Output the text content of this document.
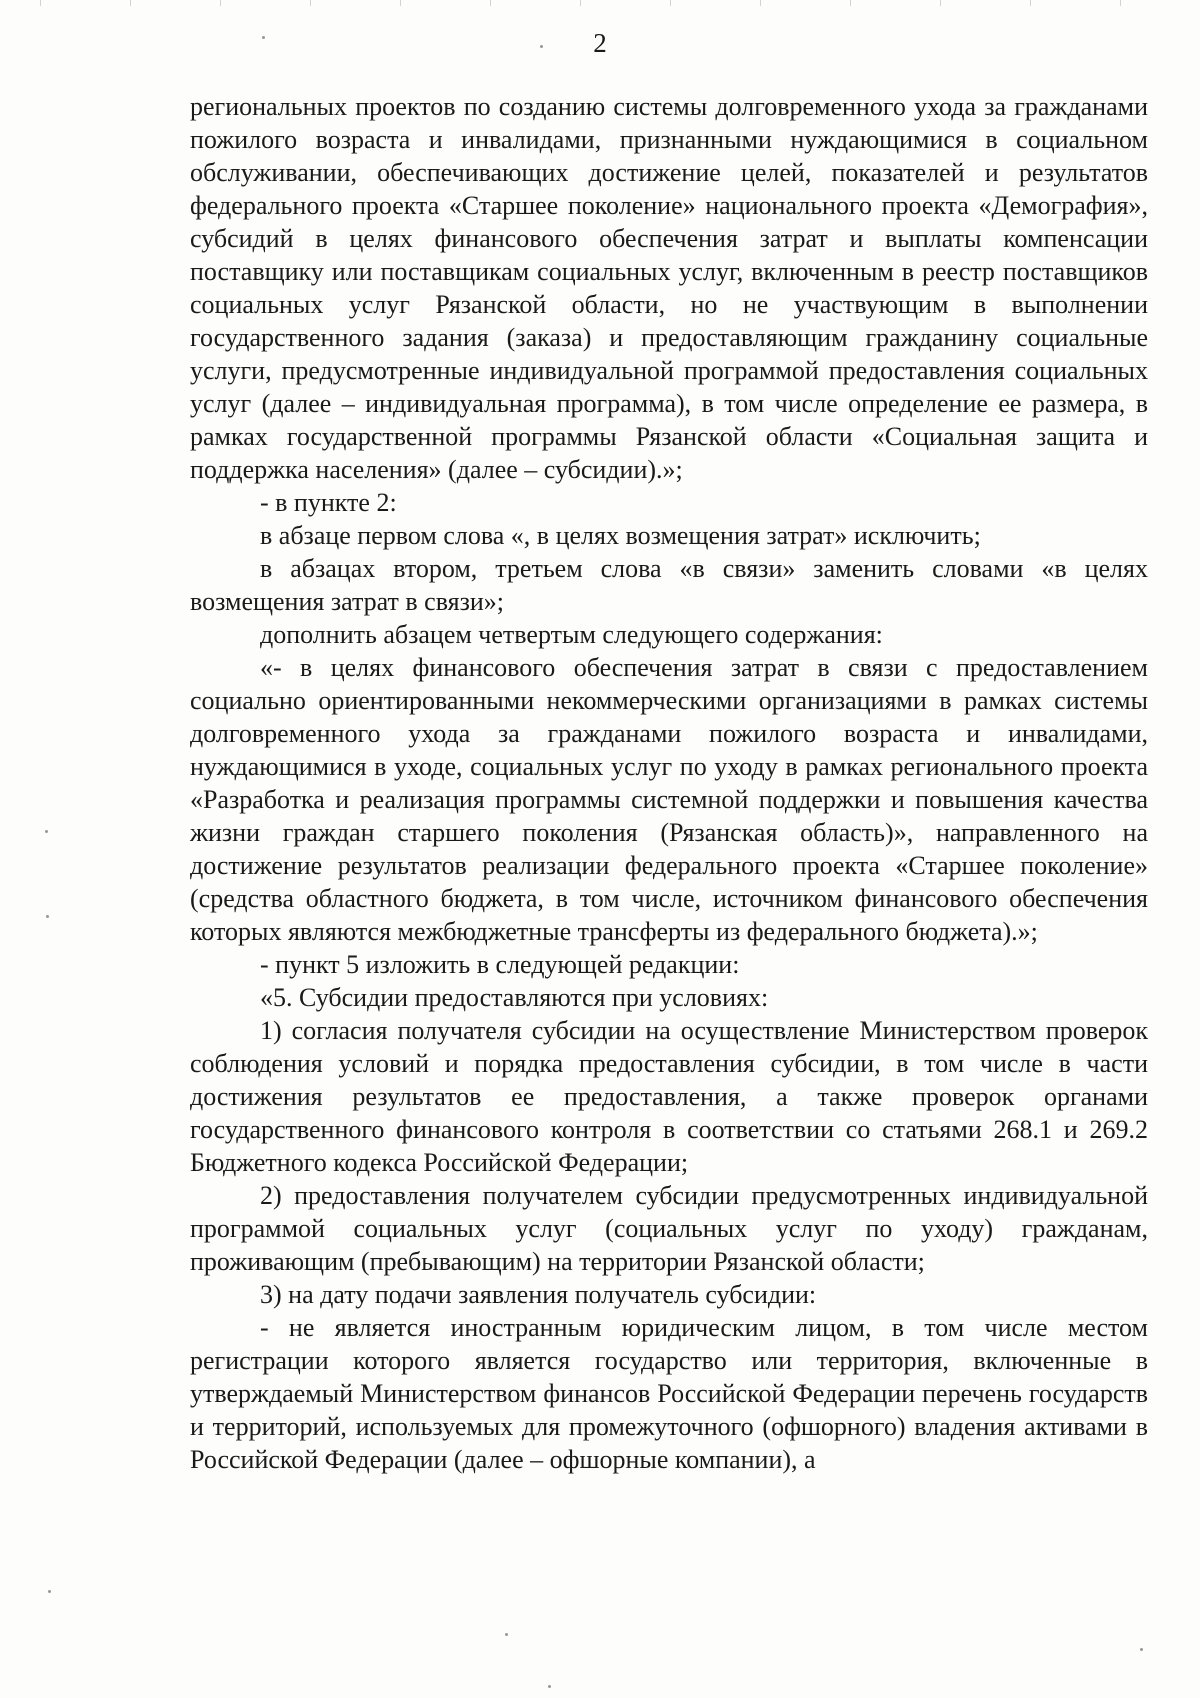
2

региональных проектов по созданию системы долговременного ухода за гражданами пожилого возраста и инвалидами, признанными нуждающимися в социальном обслуживании, обеспечивающих достижение целей, показателей и результатов федерального проекта «Старшее поколение» национального проекта «Демография», субсидий в целях финансового обеспечения затрат и выплаты компенсации поставщику или поставщикам социальных услуг, включенным в реестр поставщиков социальных услуг Рязанской области, но не участвующим в выполнении государственного задания (заказа) и предоставляющим гражданину социальные услуги, предусмотренные индивидуальной программой предоставления социальных услуг (далее – индивидуальная программа), в том числе определение ее размера, в рамках государственной программы Рязанской области «Социальная защита и поддержка населения» (далее – субсидии).»;

- в пункте 2:

в абзаце первом слова «, в целях возмещения затрат» исключить;

в абзацах втором, третьем слова «в связи» заменить словами «в целях возмещения затрат в связи»;

дополнить абзацем четвертым следующего содержания:

«- в целях финансового обеспечения затрат в связи с предоставлением социально ориентированными некоммерческими организациями в рамках системы долговременного ухода за гражданами пожилого возраста и инвалидами, нуждающимися в уходе, социальных услуг по уходу в рамках регионального проекта «Разработка и реализация программы системной поддержки и повышения качества жизни граждан старшего поколения (Рязанская область)», направленного на достижение результатов реализации федерального проекта «Старшее поколение» (средства областного бюджета, в том числе, источником финансового обеспечения которых являются межбюджетные трансферты из федерального бюджета).»;

- пункт 5 изложить в следующей редакции:

«5. Субсидии предоставляются при условиях:

1) согласия получателя субсидии на осуществление Министерством проверок соблюдения условий и порядка предоставления субсидии, в том числе в части достижения результатов ее предоставления, а также проверок органами государственного финансового контроля в соответствии со статьями 268.1 и 269.2 Бюджетного кодекса Российской Федерации;

2) предоставления получателем субсидии предусмотренных индивидуальной программой социальных услуг (социальных услуг по уходу) гражданам, проживающим (пребывающим) на территории Рязанской области;

3) на дату подачи заявления получатель субсидии:

- не является иностранным юридическим лицом, в том числе местом регистрации которого является государство или территория, включенные в утверждаемый Министерством финансов Российской Федерации перечень государств и территорий, используемых для промежуточного (офшорного) владения активами в Российской Федерации (далее – офшорные компании), а
